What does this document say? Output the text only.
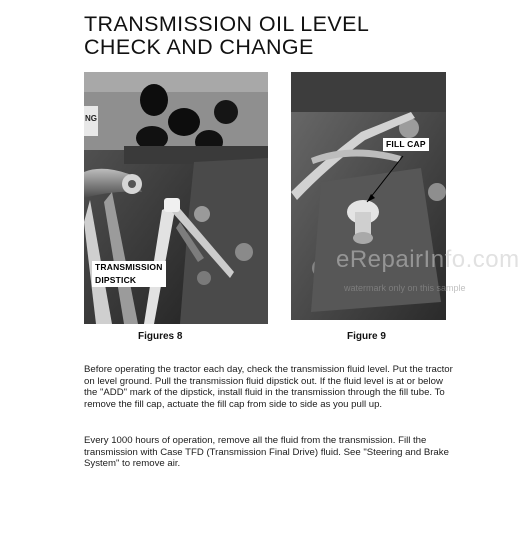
TRANSMISSION OIL LEVEL
CHECK AND CHANGE
TRANSMISSION
DIPSTICK
NG
Figures 8
FILL CAP
Figure 9
eRepairInfo.com
watermark only on this sample

Before operating the tractor each day, check the transmission fluid level. Put the tractor on level ground. Pull the transmission fluid dipstick out. If the fluid level is at or below the "ADD" mark of the dipstick, install fluid in the transmission through the fill tube. To remove the fill cap, actuate the fill cap from side to side as you pull up.

Every 1000 hours of operation, remove all the fluid from the transmission. Fill the transmission with Case TFD (Transmission Final Drive) fluid. See "Steering and Brake System" to remove air.
